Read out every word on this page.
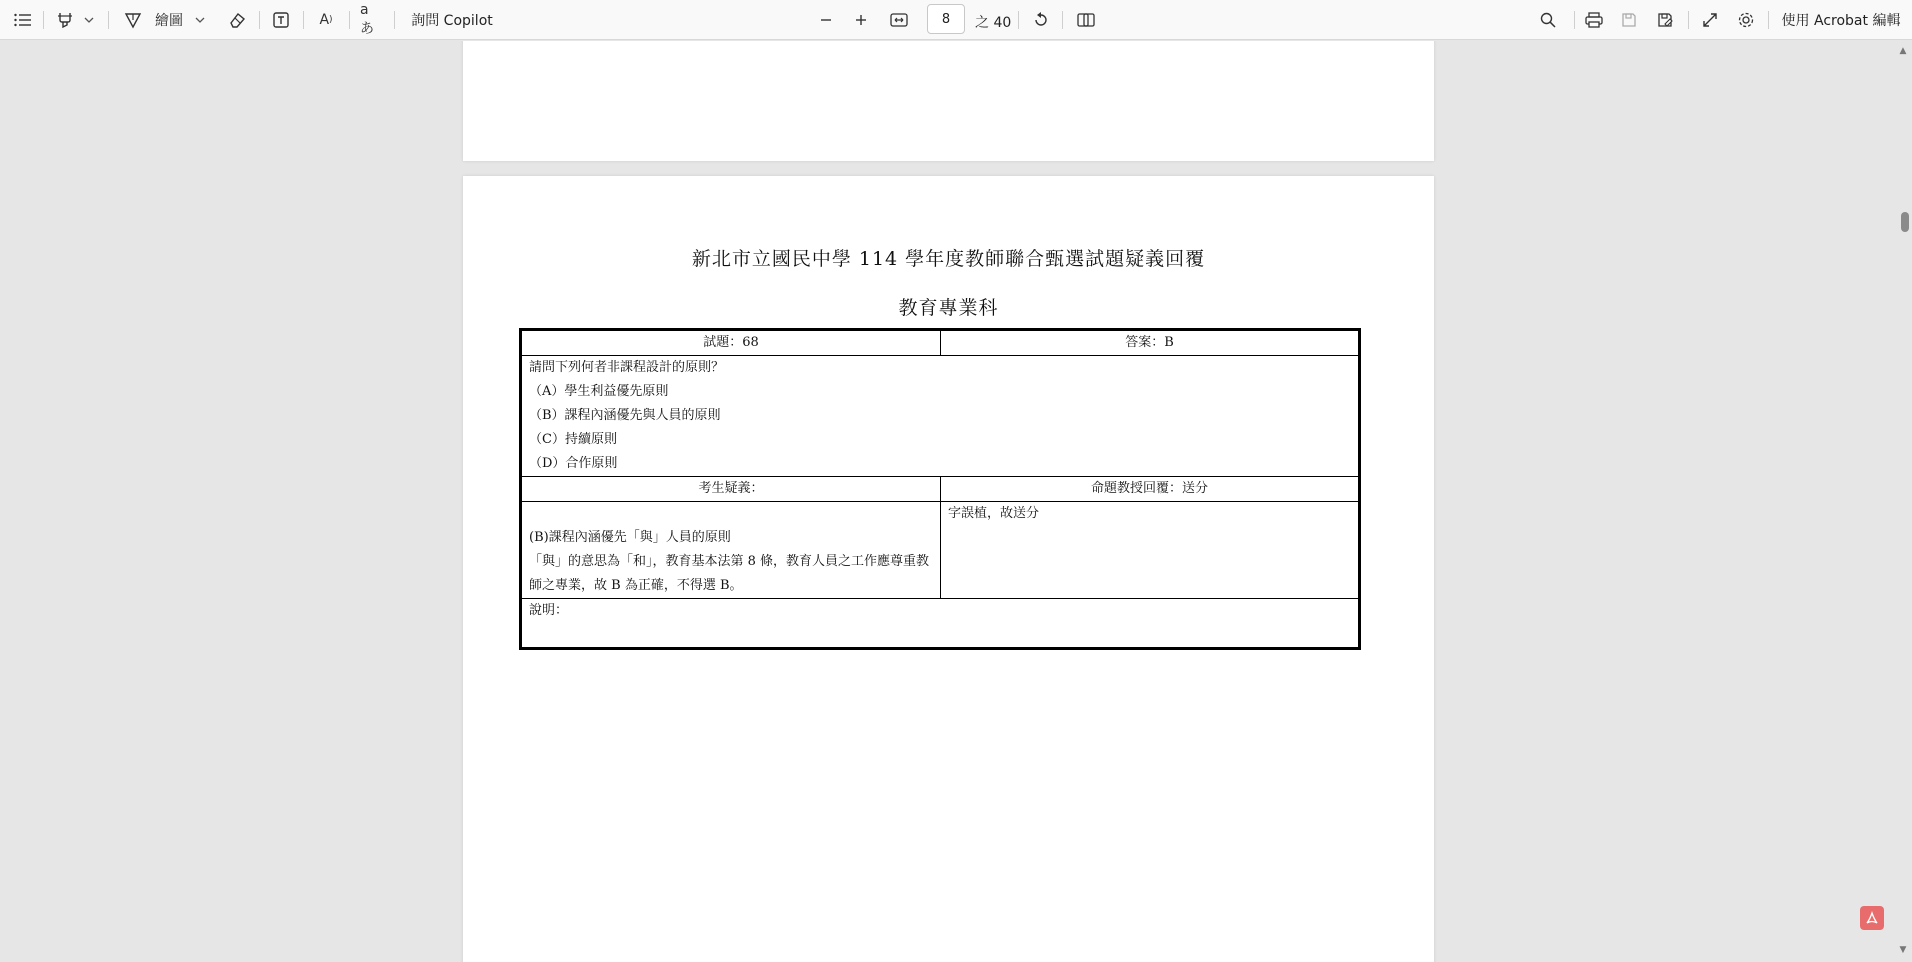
繪圖	A )
aあ	詢問 Copilot
8	之 40	使用 Acrobat 編輯
新北市立國民中學 114 學年度教師聯合甄選試題疑義回覆
教育專業科
試題：68	答案：B

請問下列何者非課程設計的原則？
（A）學生利益優先原則
（B）課程內涵優先與人員的原則
（C）持續原則
（D）合作原則	

考生疑義：	命題教授回覆：送分

(B)課程內涵優先「與」人員的原則
「與」的意思為「和」，教育基本法第 8 條，教育人員之工作應尊重教師之專業，故 B 為正確，不得選 B。	字誤植，故送分

說明：	
▲
▼
